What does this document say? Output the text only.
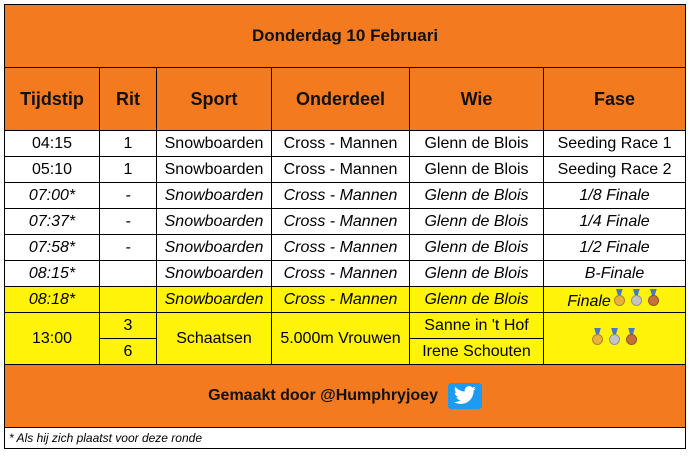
Donderdag 10 Februari					
Tijdstip	Rit	Sport	Onderdeel	Wie	Fase
04:15	1	Snowboarden	Cross - Mannen	Glenn de Blois	Seeding Race 1
05:10	1	Snowboarden	Cross - Mannen	Glenn de Blois	Seeding Race 2
07:00*	-	Snowboarden	Cross - Mannen	Glenn de Blois	1/8 Finale
07:37*	-	Snowboarden	Cross - Mannen	Glenn de Blois	1/4 Finale
07:58*	-	Snowboarden	Cross - Mannen	Glenn de Blois	1/2 Finale
08:15*		Snowboarden	Cross - Mannen	Glenn de Blois	B-Finale
08:18*		Snowboarden	Cross - Mannen	Glenn de Blois	Finale

13:00	3	Schaatsen	5.000m Vrouwen	Sanne in 't Hof	

	6			Irene Schouten	

Gemaakt door @Humphryjoey					

* Als hij zich plaatst voor deze ronde					
